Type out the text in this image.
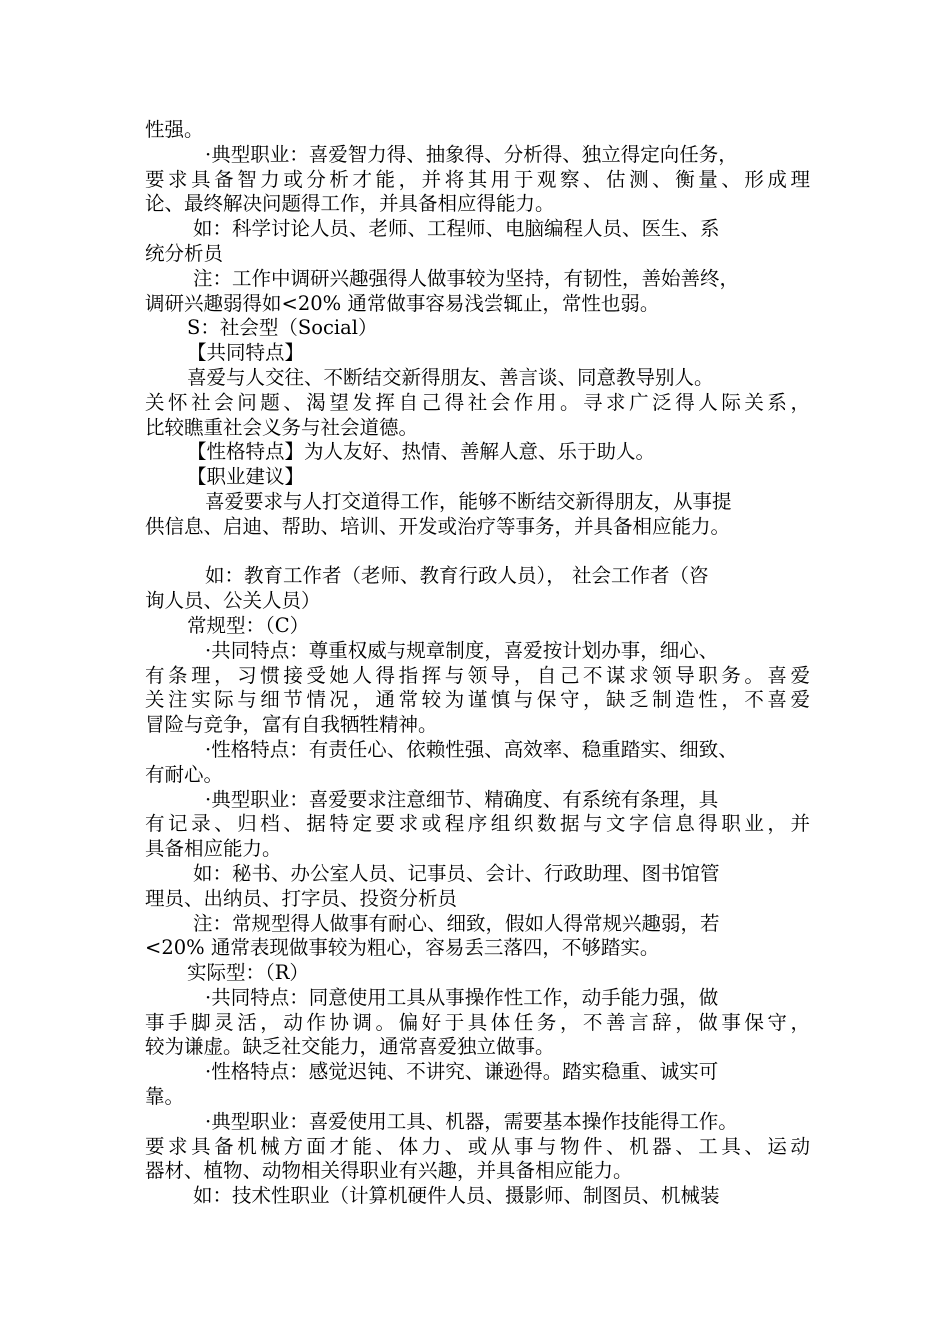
性强。
·典型职业：喜爱智力得、抽象得、分析得、独立得定向任务，
要求具备智力或分析才能，并将其用于观察、估测、衡量、形成理
论、最终解决问题得工作，并具备相应得能力。
如：科学讨论人员、老师、工程师、电脑编程人员、医生、系
统分析员
注：工作中调研兴趣强得人做事较为坚持，有韧性，善始善终，
调研兴趣弱得如<20% 通常做事容易浅尝辄止，常性也弱。
S：社会型（Social）
【共同特点】
喜爱与人交往、不断结交新得朋友、善言谈、同意教导别人。
关怀社会问题、渴望发挥自己得社会作用。寻求广泛得人际关系，
比较瞧重社会义务与社会道德。
【性格特点】为人友好、热情、善解人意、乐于助人。
【职业建议】
喜爱要求与人打交道得工作，能够不断结交新得朋友，从事提
供信息、启迪、帮助、培训、开发或治疗等事务，并具备相应能力。
如：教育工作者（老师、教育行政人员）， 社会工作者（咨
询人员、公关人员）
常规型：（C）
·共同特点：尊重权威与规章制度，喜爱按计划办事，细心、
有条理，习惯接受她人得指挥与领导，自己不谋求领导职务。喜爱
关注实际与细节情况，通常较为谨慎与保守，缺乏制造性，不喜爱
冒险与竞争，富有自我牺牲精神。
·性格特点：有责任心、依赖性强、高效率、稳重踏实、细致、
有耐心。
·典型职业：喜爱要求注意细节、精确度、有系统有条理，具
有记录、归档、据特定要求或程序组织数据与文字信息得职业，并
具备相应能力。
如：秘书、办公室人员、记事员、会计、行政助理、图书馆管
理员、出纳员、打字员、投资分析员
注：常规型得人做事有耐心、细致，假如人得常规兴趣弱，若
<20% 通常表现做事较为粗心，容易丢三落四，不够踏实。
实际型：（R）
·共同特点：同意使用工具从事操作性工作，动手能力强，做
事手脚灵活，动作协调。偏好于具体任务，不善言辞，做事保守，
较为谦虚。缺乏社交能力，通常喜爱独立做事。
·性格特点：感觉迟钝、不讲究、谦逊得。踏实稳重、诚实可
靠。
·典型职业：喜爱使用工具、机器，需要基本操作技能得工作。
要求具备机械方面才能、体力、或从事与物件、机器、工具、运动
器材、植物、动物相关得职业有兴趣，并具备相应能力。
如：技术性职业（计算机硬件人员、摄影师、制图员、机械装
